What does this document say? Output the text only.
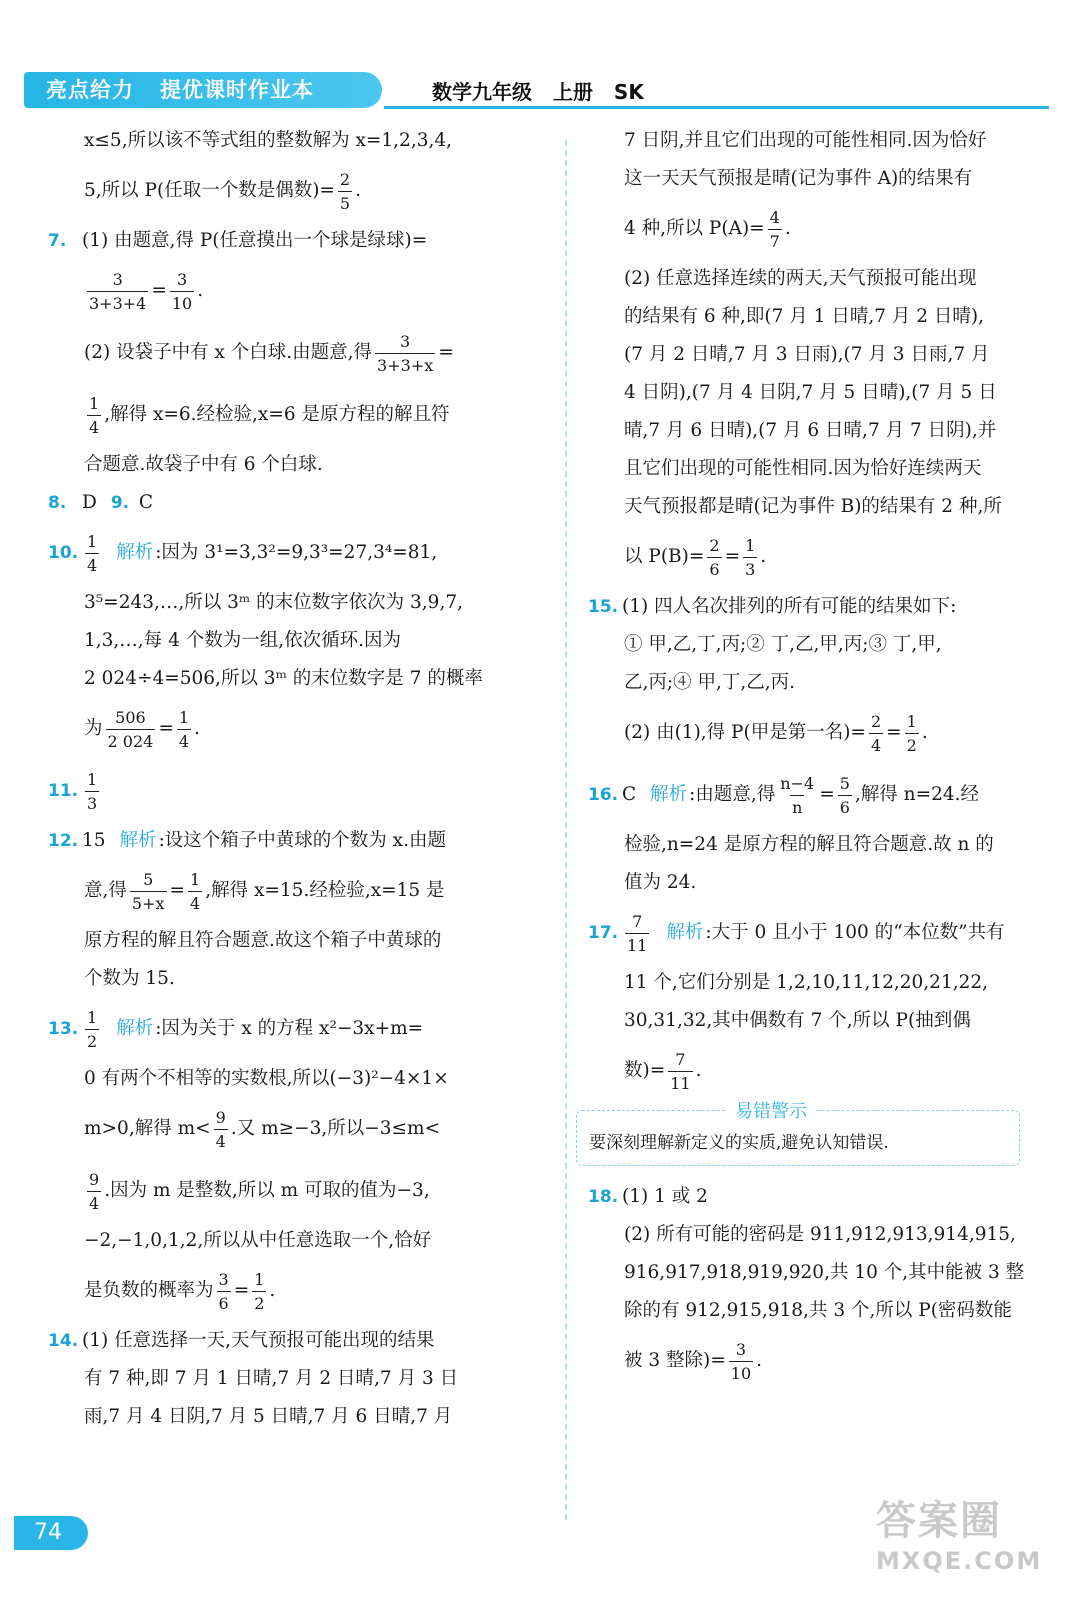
亮点给力 提优课时作业本	数学九年级 上册 SK
x≤5,所以该不等式组的整数解为 x=1,2,3,4,
5,所以 P(任取一个数是偶数)= $\frac{2}{5}$ .
7. (1) 由题意,得 P(任意摸出一个球是绿球)=
$\frac{3}{3+3+4} = \frac{3}{10}$ .
(2) 设袋子中有 x 个白球.由题意,得 $\frac{3}{3+3+x}$ =
1
4
,解得 x=6.经检验,x=6 是原方程的解且符
合题意.故袋子中有 6 个白球.
8. D 9. C
10.
1
4
解析 :因为 3¹=3,3²=9,3³=27,3⁴=81,
3⁵=243,…,所以 3ᵐ 的末位数字依次为 3,9,7,
1,3,…,每 4 个数为一组,依次循环.因为
2 024÷4=506,所以 3ᵐ 的末位数字是 7 的概率
为 $\frac{506}{2 024} = \frac{1}{4}$ .
11.
1
3
12. 15 解析 :设这个箱子中黄球的个数为 x.由题
意,得 $\frac{5}{5+x} = \frac{1}{4}$ ,解得 x=15.经检验,x=15 是
原方程的解且符合题意.故这个箱子中黄球的
个数为 15.
13.
1
2
解析 :因为关于 x 的方程 x²−3x+m=
0 有两个不相等的实数根,所以(−3)²−4×1×
m>0,解得 m<
9
4
.又 m≥−3,所以−3≤m<
9
4
.因为 m 是整数,所以 m 可取的值为−3,
−2,−1,0,1,2,所以从中任意选取一个,恰好
是负数的概率为 $\frac{3}{6} = \frac{1}{2}$ .
14. (1) 任意选择一天,天气预报可能出现的结果
有 7 种,即 7 月 1 日晴,7 月 2 日晴,7 月 3 日
雨,7 月 4 日阴,7 月 5 日晴,7 月 6 日晴,7 月
7 日阴,并且它们出现的可能性相同.因为恰好
这一天天气预报是晴(记为事件 A)的结果有
4 种,所以 $P(A)= \frac{4}{7}$ .
(2) 任意选择连续的两天,天气预报可能出现
的结果有 6 种,即(7 月 1 日晴,7 月 2 日晴),
(7 月 2 日晴,7 月 3 日雨),(7 月 3 日雨,7 月
4 日阴),(7 月 4 日阴,7 月 5 日晴),(7 月 5 日
晴,7 月 6 日晴),(7 月 6 日晴,7 月 7 日阴),并
且它们出现的可能性相同.因为恰好连续两天
天气预报都是晴(记为事件 B)的结果有 2 种,所
以 $P(B)= \frac{2}{6} = \frac{1}{3}$ .
15. (1) 四人名次排列的所有可能的结果如下:
① 甲,乙,丁,丙;② 丁,乙,甲,丙;③ 丁,甲,
乙,丙;④ 甲,丁,乙,丙.
(2) 由(1),得 P(甲是第一名)= $\frac{2}{4} = \frac{1}{2}$ .
16. C 解析 :由题意,得 $\frac{n-4}{n} = \frac{5}{6}$ ,解得 n=24.经
检验,n=24 是原方程的解且符合题意.故 n 的
值为 24.
17.
7
11
解析 :大于 0 且小于 100 的“本位数”共有
11 个,它们分别是 1,2,10,11,12,20,21,22,
30,31,32,其中偶数有 7 个,所以 P(抽到偶
数)= $\frac{7}{11}$ .
易错警示
要深刻理解新定义的实质,避免认知错误.
18. (1) 1 或 2
(2) 所有可能的密码是 911,912,913,914,915,
916,917,918,919,920,共 10 个,其中能被 3 整
除的有 912,915,918,共 3 个,所以 P(密码数能
被 3 整除)= $\frac{3}{10}$ .
74	答案圈
MXQE.COM
